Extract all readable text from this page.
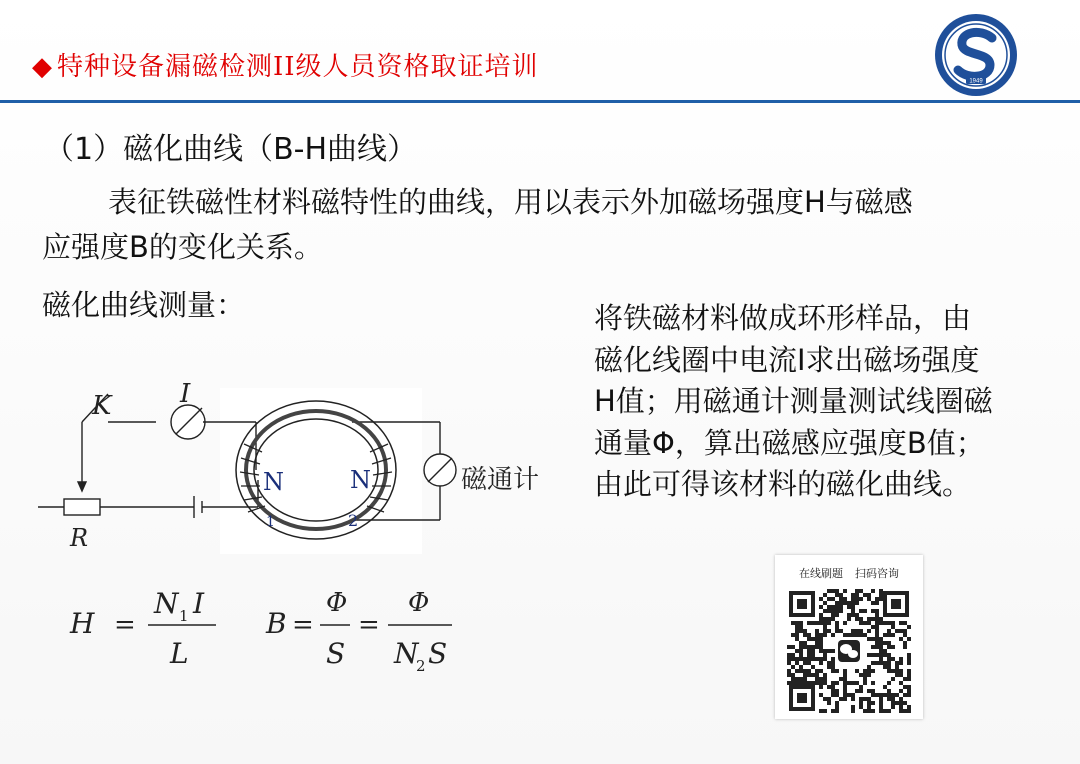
◆ 特种设备漏磁检测II级人员资格取证培训	1949
（1）磁化曲线（B-H曲线）
表征铁磁性材料磁特性的曲线，用以表示外加磁场强度H与磁感
应强度B的变化关系。
磁化曲线测量：	将铁磁材料做成环形样品，由
磁化线圈中电流I求出磁场强度
H值；用磁通计测量测试线圈磁
通量Φ，算出磁感应强度B值；
由此可得该材料的磁化曲线。
K	I
R
N
1
N
2
磁通计
H =
N 1 I
L
B =
Φ
S
=
Φ
N
2 S
在线刷题 扫码咨询
